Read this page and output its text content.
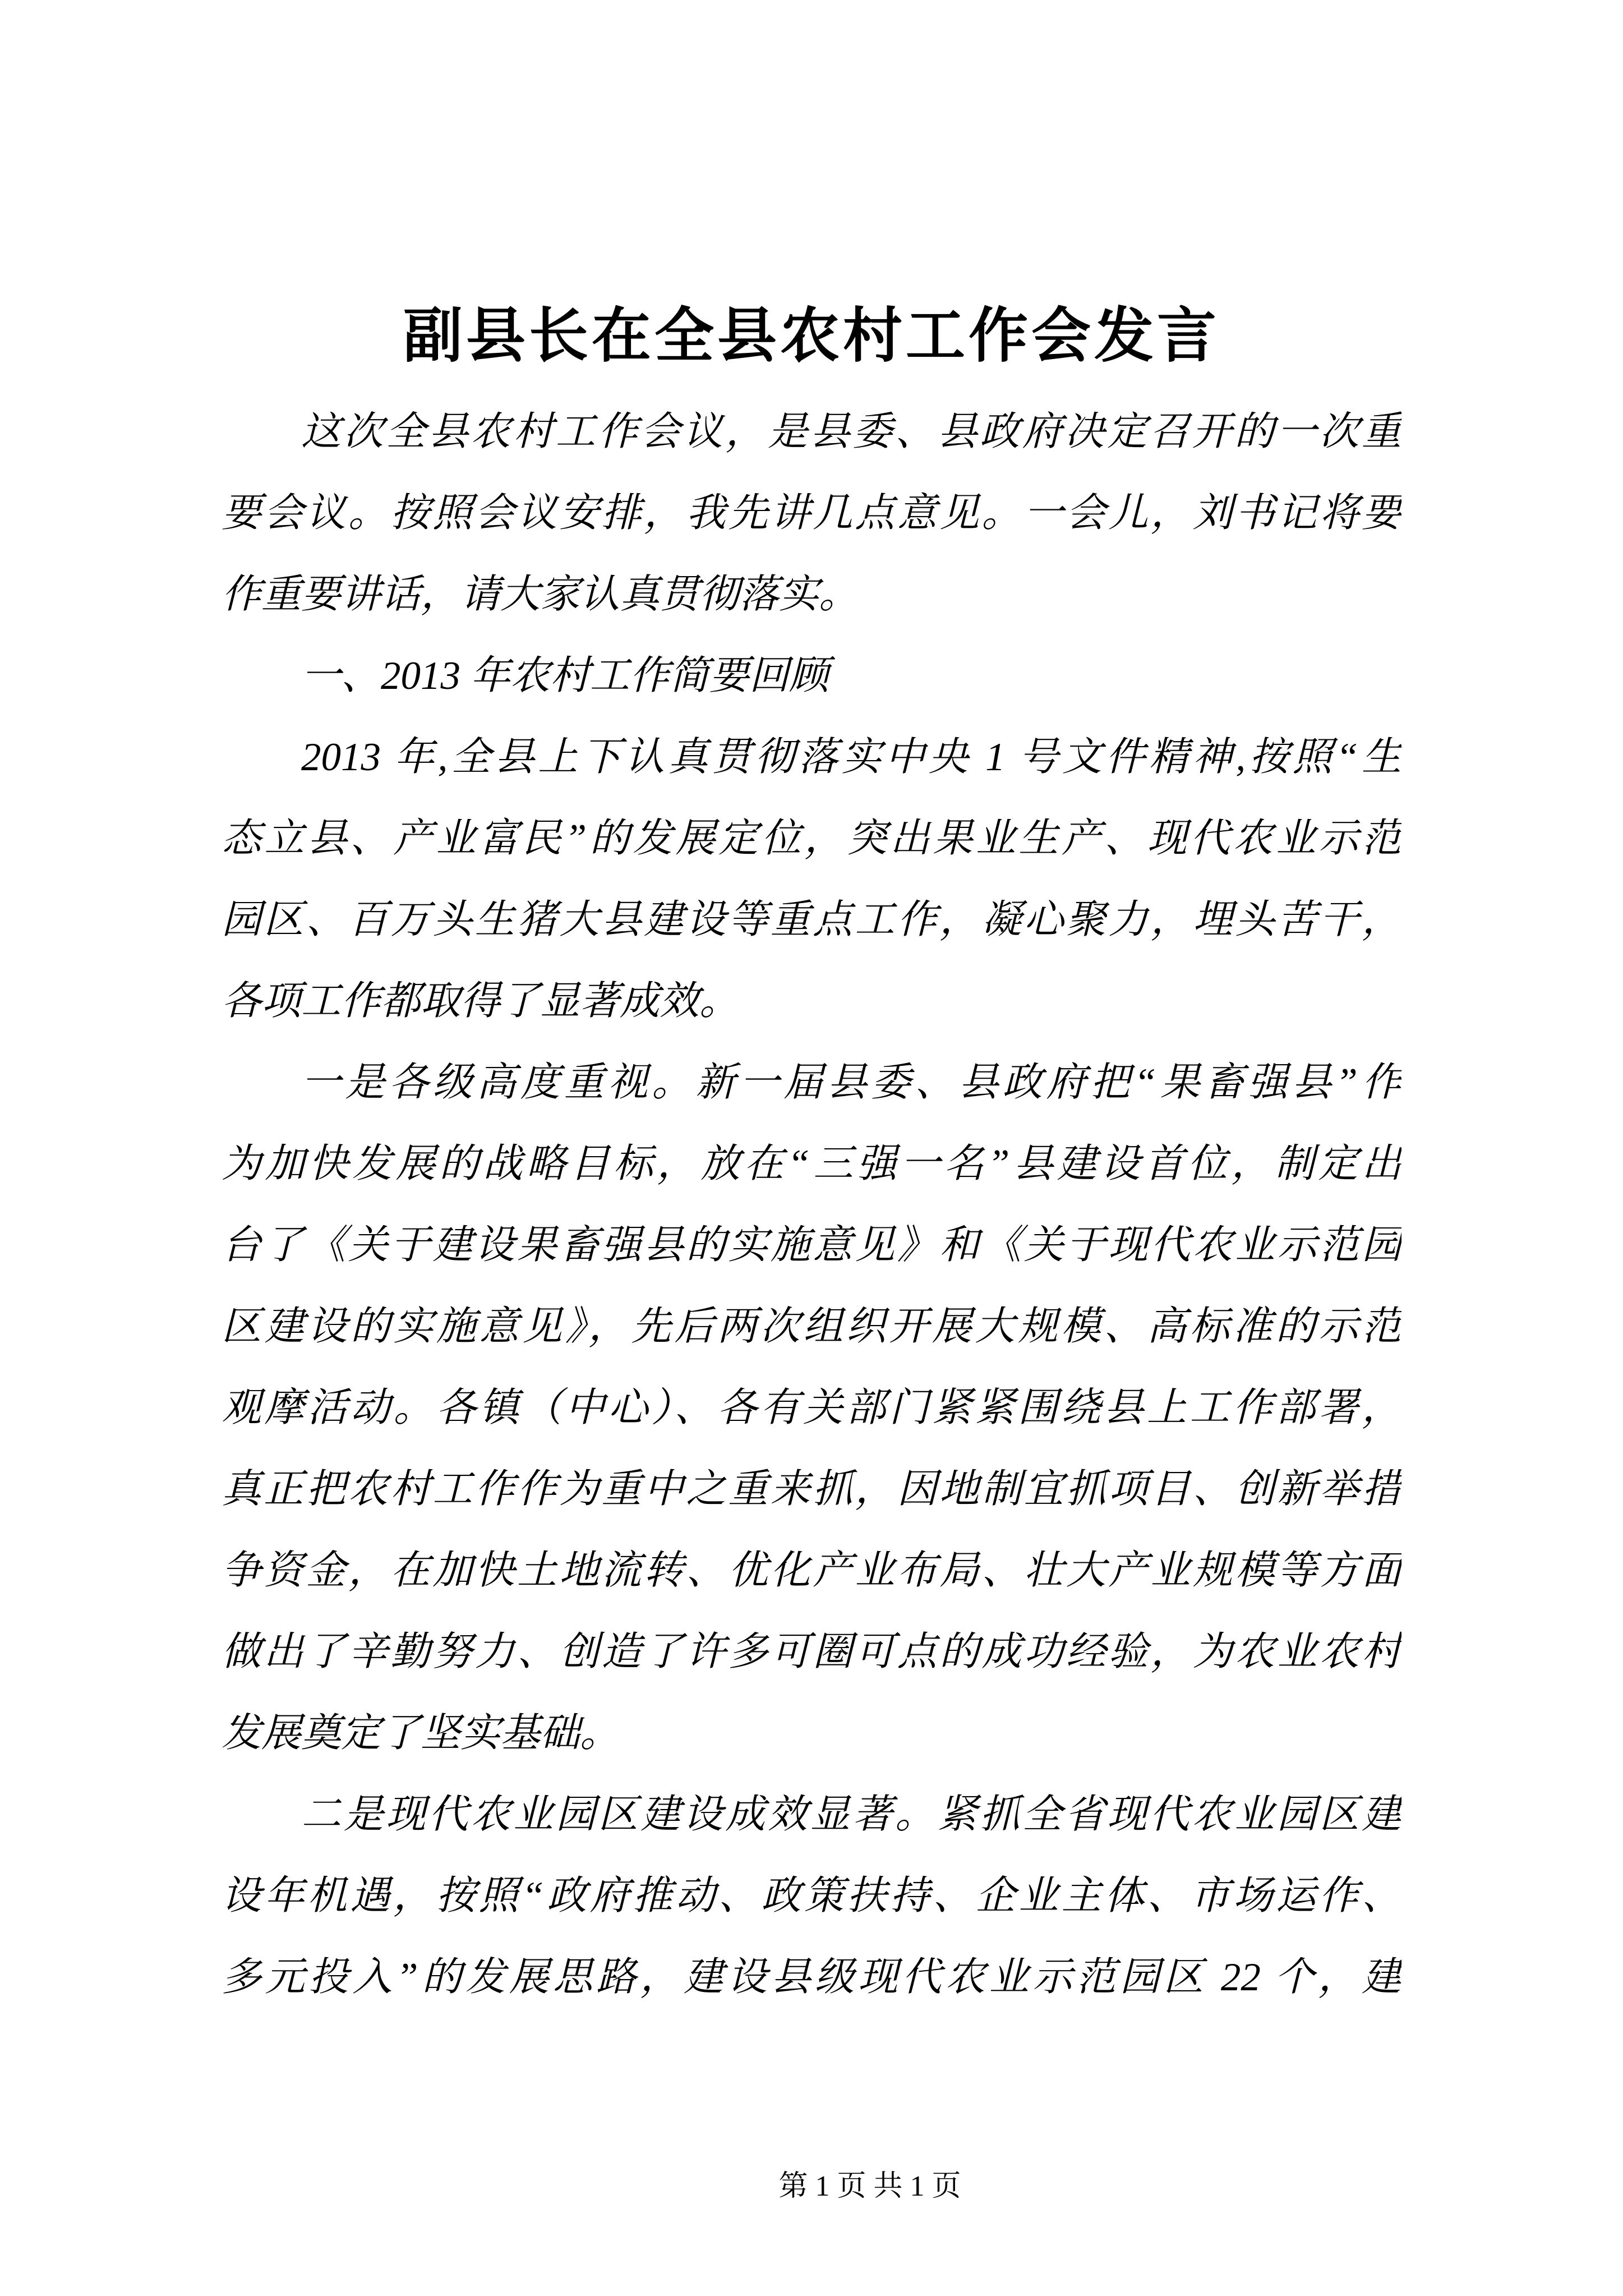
副县长在全县农村工作会发言
这次全县农村工作会议，是县委、县政府决定召开的一次重
要会议。按照会议安排，我先讲几点意见。一会儿，刘书记将要
作重要讲话，请大家认真贯彻落实。
一、2013 年农村工作简要回顾
2013 年,全县上下认真贯彻落实中央 1 号文件精神,按照“生
态立县、产业富民”的发展定位，突出果业生产、现代农业示范
园区、百万头生猪大县建设等重点工作，凝心聚力，埋头苦干，
各项工作都取得了显著成效。
一是各级高度重视。新一届县委、县政府把“果畜强县”作
为加快发展的战略目标，放在“三强一名”县建设首位，制定出
台了《关于建设果畜强县的实施意见》和《关于现代农业示范园
区建设的实施意见》，先后两次组织开展大规模、高标准的示范
观摩活动。各镇（中心）、各有关部门紧紧围绕县上工作部署，
真正把农村工作作为重中之重来抓，因地制宜抓项目、创新举措
争资金，在加快土地流转、优化产业布局、壮大产业规模等方面
做出了辛勤努力、创造了许多可圈可点的成功经验，为农业农村
发展奠定了坚实基础。
二是现代农业园区建设成效显著。紧抓全省现代农业园区建
设年机遇，按照“政府推动、政策扶持、企业主体、市场运作、
多元投入”的发展思路，建设县级现代农业示范园区 22 个，建

第 1 页 共 1 页
